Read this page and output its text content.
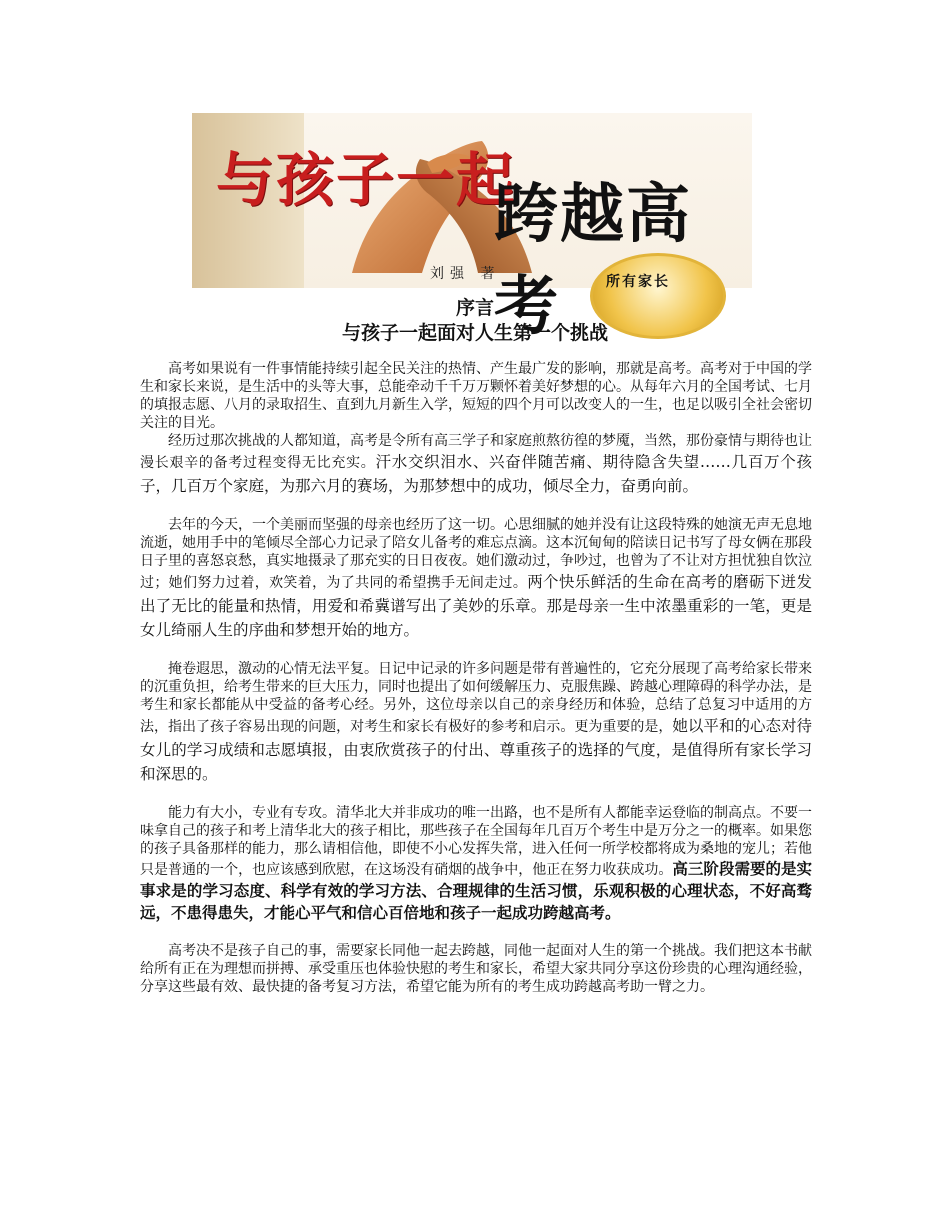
与孩子一起
跨越高考
刘强 著	所有家长
序言
与孩子一起面对人生第一个挑战

高考如果说有一件事情能持续引起全民关注的热情、产生最广发的影响，那就是高考。高考对于中国的学生和家长来说，是生活中的头等大事，总能牵动千千万万颗怀着美好梦想的心。从每年六月的全国考试、七月的填报志愿、八月的录取招生、直到九月新生入学，短短的四个月可以改变人的一生，也足以吸引全社会密切关注的目光。

经历过那次挑战的人都知道，高考是令所有高三学子和家庭煎熬彷徨的梦魇，当然，那份豪情与期待也让漫长艰辛的备考过程变得无比充实。汗水交织泪水、兴奋伴随苦痛、期待隐含失望……几百万个孩子，几百万个家庭，为那六月的赛场，为那梦想中的成功，倾尽全力，奋勇向前。

去年的今天，一个美丽而坚强的母亲也经历了这一切。心思细腻的她并没有让这段特殊的她演无声无息地流逝，她用手中的笔倾尽全部心力记录了陪女儿备考的难忘点滴。这本沉甸甸的陪读日记书写了母女俩在那段日子里的喜怒哀愁，真实地摄录了那充实的日日夜夜。她们激动过，争吵过，也曾为了不让对方担忧独自饮泣过；她们努力过着，欢笑着，为了共同的希望携手无间走过。两个快乐鲜活的生命在高考的磨砺下迸发出了无比的能量和热情，用爱和希冀谱写出了美妙的乐章。那是母亲一生中浓墨重彩的一笔，更是女儿绮丽人生的序曲和梦想开始的地方。

掩卷遐思，激动的心情无法平复。日记中记录的许多问题是带有普遍性的，它充分展现了高考给家长带来的沉重负担，给考生带来的巨大压力，同时也提出了如何缓解压力、克服焦躁、跨越心理障碍的科学办法，是考生和家长都能从中受益的备考心经。另外，这位母亲以自己的亲身经历和体验，总结了总复习中适用的方法，指出了孩子容易出现的问题，对考生和家长有极好的参考和启示。更为重要的是，她以平和的心态对待女儿的学习成绩和志愿填报，由衷欣赏孩子的付出、尊重孩子的选择的气度，是值得所有家长学习和深思的。

能力有大小，专业有专攻。清华北大并非成功的唯一出路，也不是所有人都能幸运登临的制高点。不要一味拿自己的孩子和考上清华北大的孩子相比，那些孩子在全国每年几百万个考生中是万分之一的概率。如果您的孩子具备那样的能力，那么请相信他，即使不小心发挥失常，进入任何一所学校都将成为桑地的宠儿；若他只是普通的一个，也应该感到欣慰，在这场没有硝烟的战争中，他正在努力收获成功。高三阶段需要的是实事求是的学习态度、科学有效的学习方法、合理规律的生活习惯，乐观积极的心理状态，不好高骛远，不患得患失，才能心平气和信心百倍地和孩子一起成功跨越高考。

高考决不是孩子自己的事，需要家长同他一起去跨越，同他一起面对人生的第一个挑战。我们把这本书献给所有正在为理想而拼搏、承受重压也体验快慰的考生和家长，希望大家共同分享这份珍贵的心理沟通经验，分享这些最有效、最快捷的备考复习方法，希望它能为所有的考生成功跨越高考助一臂之力。
